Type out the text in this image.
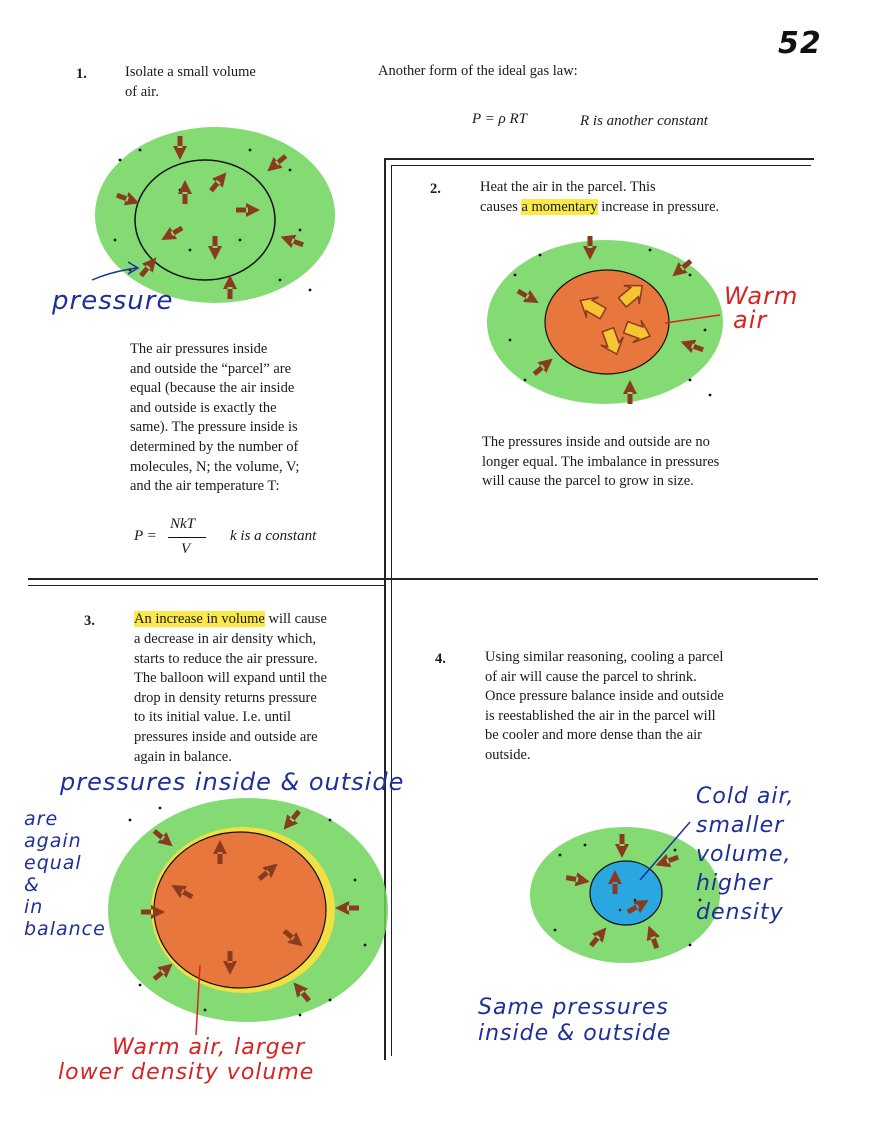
52
Another form of the ideal gas law:
P = ρ RT	R is another constant
1.	Isolate a small volume
of air.
pressure
The air pressures inside
and outside the “parcel” are
equal (because the air inside
and outside is exactly the
same). The pressure inside is
determined by the number of
molecules, N; the volume, V;
and the air temperature T:
P =
NkT
V
k is a constant
2.	Heat the air in the parcel. This
causes a momentary increase in pressure.
Warm
air
The pressures inside and outside are no
longer equal. The imbalance in pressures
will cause the parcel to grow in size.
3.	An increase in volume will cause
a decrease in air density which,
starts to reduce the air pressure.
The balloon will expand until the
drop in density returns pressure
to its initial value. I.e. until
pressures inside and outside are
again in balance.
pressures inside & outside
are
again
equal
&
in
balance
Warm air, larger
lower density volume
4.	Using similar reasoning, cooling a parcel
of air will cause the parcel to shrink.
Once pressure balance inside and outside
is reestablished the air in the parcel will
be cooler and more dense than the air
outside.
Cold air,
smaller
volume,
higher
density
Same pressures
inside & outside
